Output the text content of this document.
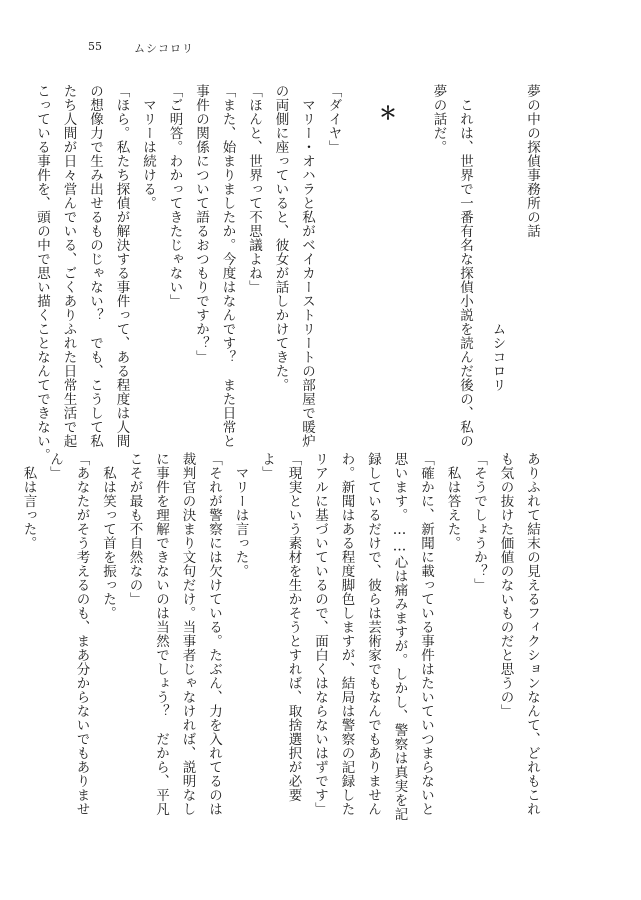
55	ムシコロリ
夢の中の探偵事務所の話
ムシコロリ
　これは、世界で一番有名な探偵小説を読んだ後の、私の
夢の話だ。
＊
「ダイヤ」
　マリー・オハラと私がベイカーストリートの部屋で暖炉
の両側に座っていると、彼女が話しかけてきた。
「ほんと、世界って不思議よね」
「また、始まりましたか。今度はなんです？　また日常と
事件の関係について語るおつもりですか？」
「ご明答。わかってきたじゃない」
　マリーは続ける。
「ほら。私たち探偵が解決する事件って、ある程度は人間
の想像力で生み出せるものじゃない？　でも、こうして私
たち人間が日々営んでいる、ごくありふれた日常生活で起
こっている事件を、頭の中で思い描くことなんてできない。
ありふれて結末の見えるフィクションなんて、どれもこれ
も気の抜けた価値のないものだと思うの」
「そうでしょうか？」
　私は答えた。
「確かに、新聞に載っている事件はたいていつまらないと
思います。……心は痛みますが。しかし、警察は真実を記
録しているだけで、彼らは芸術家でもなんでもありません
わ。新聞はある程度脚色しますが、結局は警察の記録した
リアルに基づいているので、面白くはならないはずです」
「現実という素材を生かそうとすれば、取捨選択が必要
よ」
　マリーは言った。
「それが警察には欠けている。たぶん、力を入れてるのは
裁判官の決まり文句だけ。当事者じゃなければ、説明なし
に事件を理解できないのは当然でしょう？　だから、平凡
こそが最も不自然なの」
　私は笑って首を振った。
「あなたがそう考えるのも、まあ分からないでもありませ
ん」
　私は言った。
